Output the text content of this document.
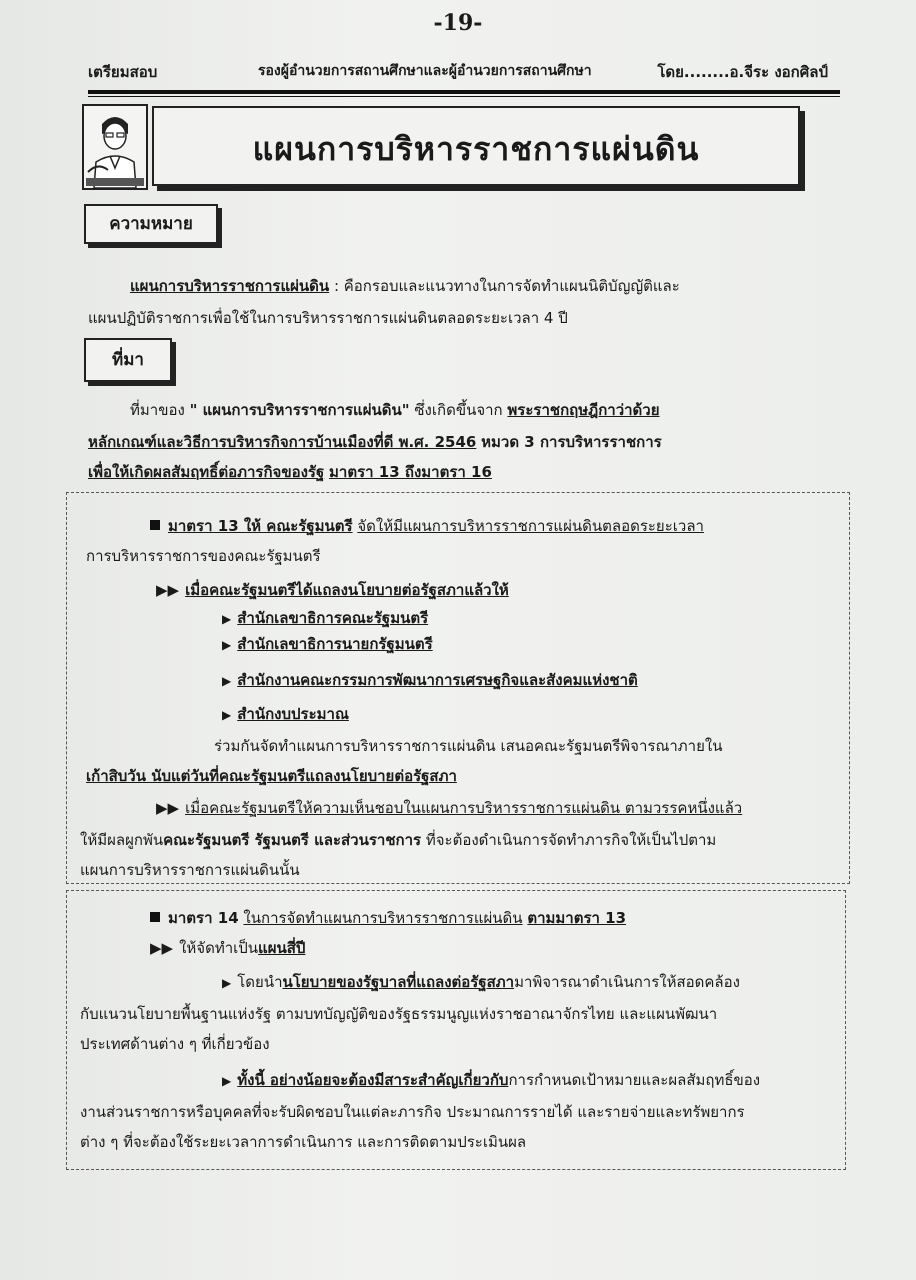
-19-
เตรียมสอบ	รองผู้อำนวยการสถานศึกษาและผู้อำนวยการสถานศึกษา	โดย........อ.จีระ งอกศิลป์
แผนการบริหารราชการแผ่นดิน
ความหมาย
แผนการบริหารราชการแผ่นดิน : คือกรอบและแนวทางในการจัดทำแผนนิติบัญญัติและ
แผนปฏิบัติราชการเพื่อใช้ในการบริหารราชการแผ่นดินตลอดระยะเวลา 4 ปี
ที่มา
ที่มาของ " แผนการบริหารราชการแผ่นดิน" ซึ่งเกิดขึ้นจาก พระราชกฤษฎีกาว่าด้วย
หลักเกณฑ์และวิธีการบริหารกิจการบ้านเมืองที่ดี พ.ศ. 2546 หมวด 3 การบริหารราชการ
เพื่อให้เกิดผลสัมฤทธิ์ต่อภารกิจของรัฐ มาตรา 13 ถึงมาตรา 16
มาตรา 13 ให้ คณะรัฐมนตรี จัดให้มีแผนการบริหารราชการแผ่นดินตลอดระยะเวลา
การบริหารราชการของคณะรัฐมนตรี
▶▶ เมื่อคณะรัฐมนตรีได้แถลงนโยบายต่อรัฐสภาแล้วให้
▶ สำนักเลขาธิการคณะรัฐมนตรี
▶ สำนักเลขาธิการนายกรัฐมนตรี
▶ สำนักงานคณะกรรมการพัฒนาการเศรษฐกิจและสังคมแห่งชาติ
▶ สำนักงบประมาณ
ร่วมกันจัดทำแผนการบริหารราชการแผ่นดิน เสนอคณะรัฐมนตรีพิจารณาภายใน
เก้าสิบวัน นับแต่วันที่คณะรัฐมนตรีแถลงนโยบายต่อรัฐสภา
▶▶ เมื่อคณะรัฐมนตรีให้ความเห็นชอบในแผนการบริหารราชการแผ่นดิน ตามวรรคหนึ่งแล้ว
ให้มีผลผูกพันคณะรัฐมนตรี รัฐมนตรี และส่วนราชการ ที่จะต้องดำเนินการจัดทำภารกิจให้เป็นไปตาม
แผนการบริหารราชการแผ่นดินนั้น
มาตรา 14 ในการจัดทำแผนการบริหารราชการแผ่นดิน ตามมาตรา 13
▶▶ ให้จัดทำเป็นแผนสี่ปี
▶ โดยนำนโยบายของรัฐบาลที่แถลงต่อรัฐสภามาพิจารณาดำเนินการให้สอดคล้อง
กับแนวนโยบายพื้นฐานแห่งรัฐ ตามบทบัญญัติของรัฐธรรมนูญแห่งราชอาณาจักรไทย และแผนพัฒนา
ประเทศด้านต่าง ๆ ที่เกี่ยวข้อง
▶ ทั้งนี้ อย่างน้อยจะต้องมีสาระสำคัญเกี่ยวกับการกำหนดเป้าหมายและผลสัมฤทธิ์ของ
งานส่วนราชการหรือบุคคลที่จะรับผิดชอบในแต่ละภารกิจ ประมาณการรายได้ และรายจ่ายและทรัพยากร
ต่าง ๆ ที่จะต้องใช้ระยะเวลาการดำเนินการ และการติดตามประเมินผล
